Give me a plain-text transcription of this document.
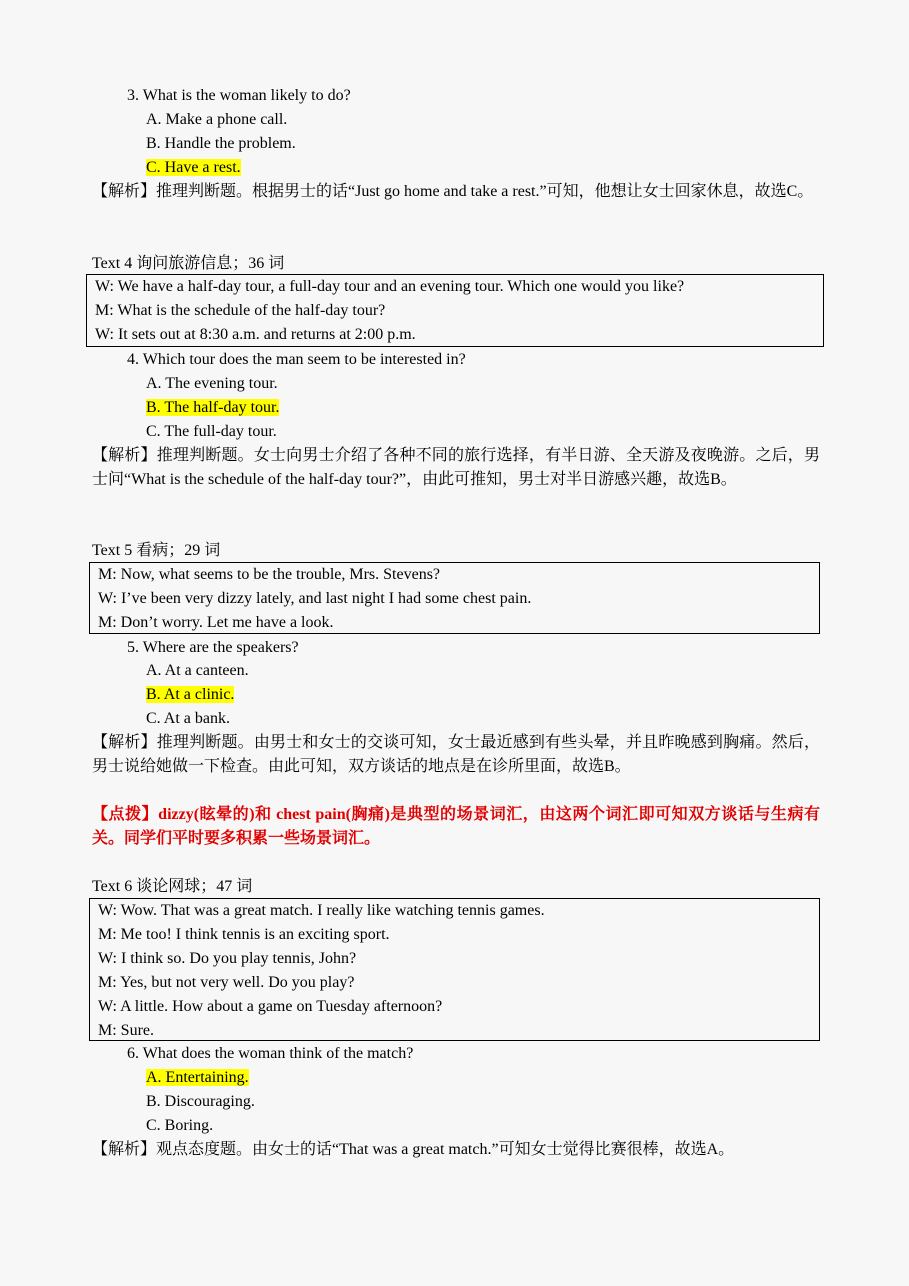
3. What is the woman likely to do?
A. Make a phone call.
B. Handle the problem.
C. Have a rest.
【解析】推理判断题。根据男士的话“Just go home and take a rest.”可知，他想让女士回家休息，故选C。
Text 4 询问旅游信息；36 词
W: We have a half-day tour, a full-day tour and an evening tour. Which one would you like?
M: What is the schedule of the half-day tour?
W: It sets out at 8:30 a.m. and returns at 2:00 p.m.
4. Which tour does the man seem to be interested in?
A. The evening tour.
B. The half-day tour.
C. The full-day tour.
【解析】推理判断题。女士向男士介绍了各种不同的旅行选择，有半日游、全天游及夜晚游。之后，男士问“What is the schedule of the half-day tour?”，由此可推知，男士对半日游感兴趣，故选B。
Text 5 看病；29 词
M: Now, what seems to be the trouble, Mrs. Stevens?
W: I’ve been very dizzy lately, and last night I had some chest pain.
M: Don’t worry. Let me have a look.
5. Where are the speakers?
A. At a canteen.
B. At a clinic.
C. At a bank.
【解析】推理判断题。由男士和女士的交谈可知，女士最近感到有些头晕，并且昨晚感到胸痛。然后，男士说给她做一下检查。由此可知，双方谈话的地点是在诊所里面，故选B。
【点拨】dizzy(眩晕的)和 chest pain(胸痛)是典型的场景词汇，由这两个词汇即可知双方谈话与生病有关。同学们平时要多积累一些场景词汇。
Text 6 谈论网球；47 词
W: Wow. That was a great match. I really like watching tennis games.
M: Me too! I think tennis is an exciting sport.
W: I think so. Do you play tennis, John?
M: Yes, but not very well. Do you play?
W: A little. How about a game on Tuesday afternoon?
M: Sure.
6. What does the woman think of the match?
A. Entertaining.
B. Discouraging.
C. Boring.
【解析】观点态度题。由女士的话“That was a great match.”可知女士觉得比赛很棒，故选A。
